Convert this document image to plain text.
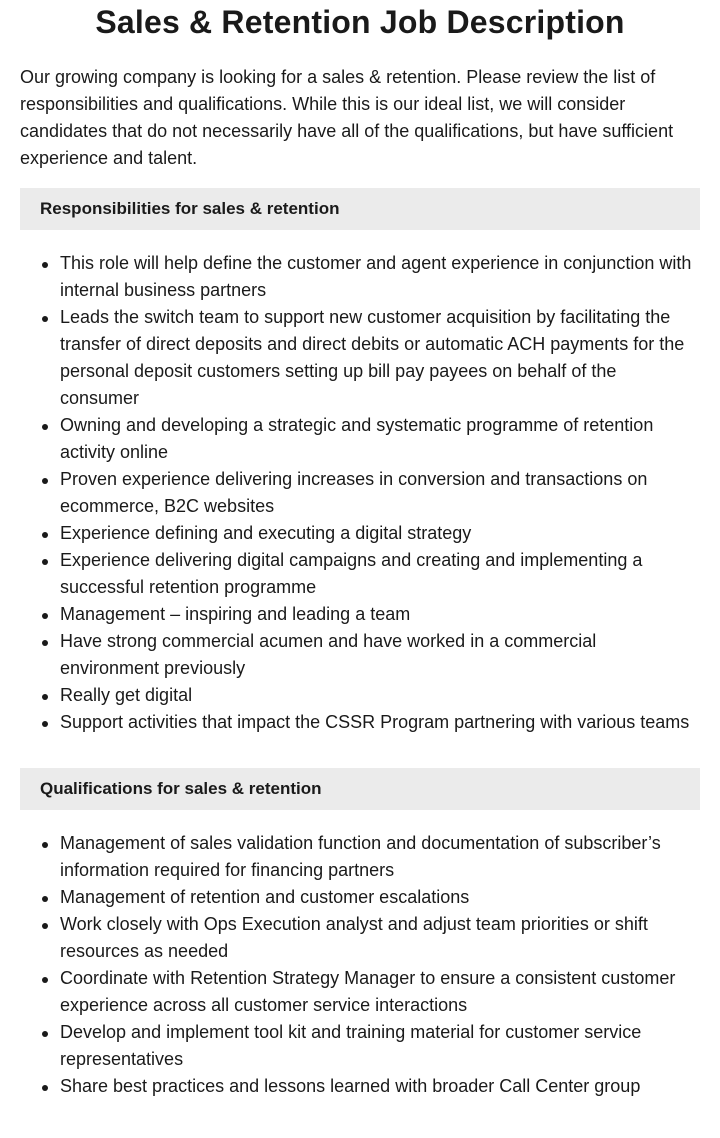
Sales & Retention Job Description

Our growing company is looking for a sales & retention. Please review the list of responsibilities and qualifications. While this is our ideal list, we will consider candidates that do not necessarily have all of the qualifications, but have sufficient experience and talent.

Responsibilities for sales & retention
This role will help define the customer and agent experience in conjunction with internal business partners
Leads the switch team to support new customer acquisition by facilitating the transfer of direct deposits and direct debits or automatic ACH payments for the personal deposit customers setting up bill pay payees on behalf of the consumer
Owning and developing a strategic and systematic programme of retention activity online
Proven experience delivering increases in conversion and transactions on ecommerce, B2C websites
Experience defining and executing a digital strategy
Experience delivering digital campaigns and creating and implementing a successful retention programme
Management – inspiring and leading a team
Have strong commercial acumen and have worked in a commercial environment previously
Really get digital
Support activities that impact the CSSR Program partnering with various teams
Qualifications for sales & retention
Management of sales validation function and documentation of subscriber’s information required for financing partners
Management of retention and customer escalations
Work closely with Ops Execution analyst and adjust team priorities or shift resources as needed
Coordinate with Retention Strategy Manager to ensure a consistent customer experience across all customer service interactions
Develop and implement tool kit and training material for customer service representatives
Share best practices and lessons learned with broader Call Center group
